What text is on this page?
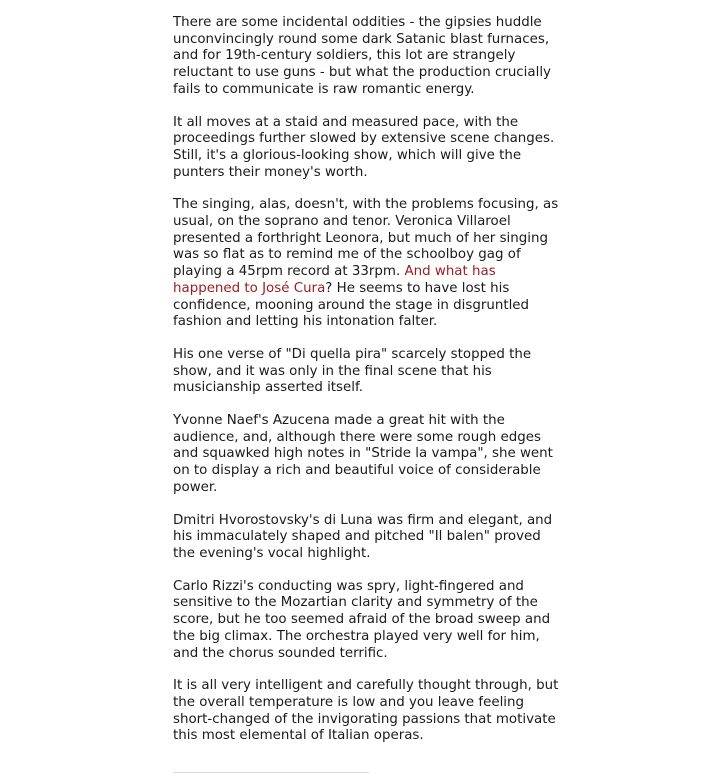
There are some incidental oddities - the gipsies huddle unconvincingly round some dark Satanic blast furnaces, and for 19th-century soldiers, this lot are strangely reluctant to use guns - but what the production crucially fails to communicate is raw romantic energy.

It all moves at a staid and measured pace, with the proceedings further slowed by extensive scene changes. Still, it's a glorious-looking show, which will give the punters their money's worth.

The singing, alas, doesn't, with the problems focusing, as usual, on the soprano and tenor. Veronica Villaroel presented a forthright Leonora, but much of her singing was so flat as to remind me of the schoolboy gag of playing a 45rpm record at 33rpm. And what has happened to José Cura? He seems to have lost his confidence, mooning around the stage in disgruntled fashion and letting his intonation falter.

His one verse of "Di quella pira" scarcely stopped the show, and it was only in the final scene that his musicianship asserted itself.

Yvonne Naef's Azucena made a great hit with the audience, and, although there were some rough edges and squawked high notes in "Stride la vampa", she went on to display a rich and beautiful voice of considerable power.

Dmitri Hvorostovsky's di Luna was firm and elegant, and his immaculately shaped and pitched "Il balen" proved the evening's vocal highlight.

Carlo Rizzi's conducting was spry, light-fingered and sensitive to the Mozartian clarity and symmetry of the score, but he too seemed afraid of the broad sweep and the big climax. The orchestra played very well for him, and the chorus sounded terrific.

It is all very intelligent and carefully thought through, but the overall temperature is low and you leave feeling short-changed of the invigorating passions that motivate this most elemental of Italian operas.
